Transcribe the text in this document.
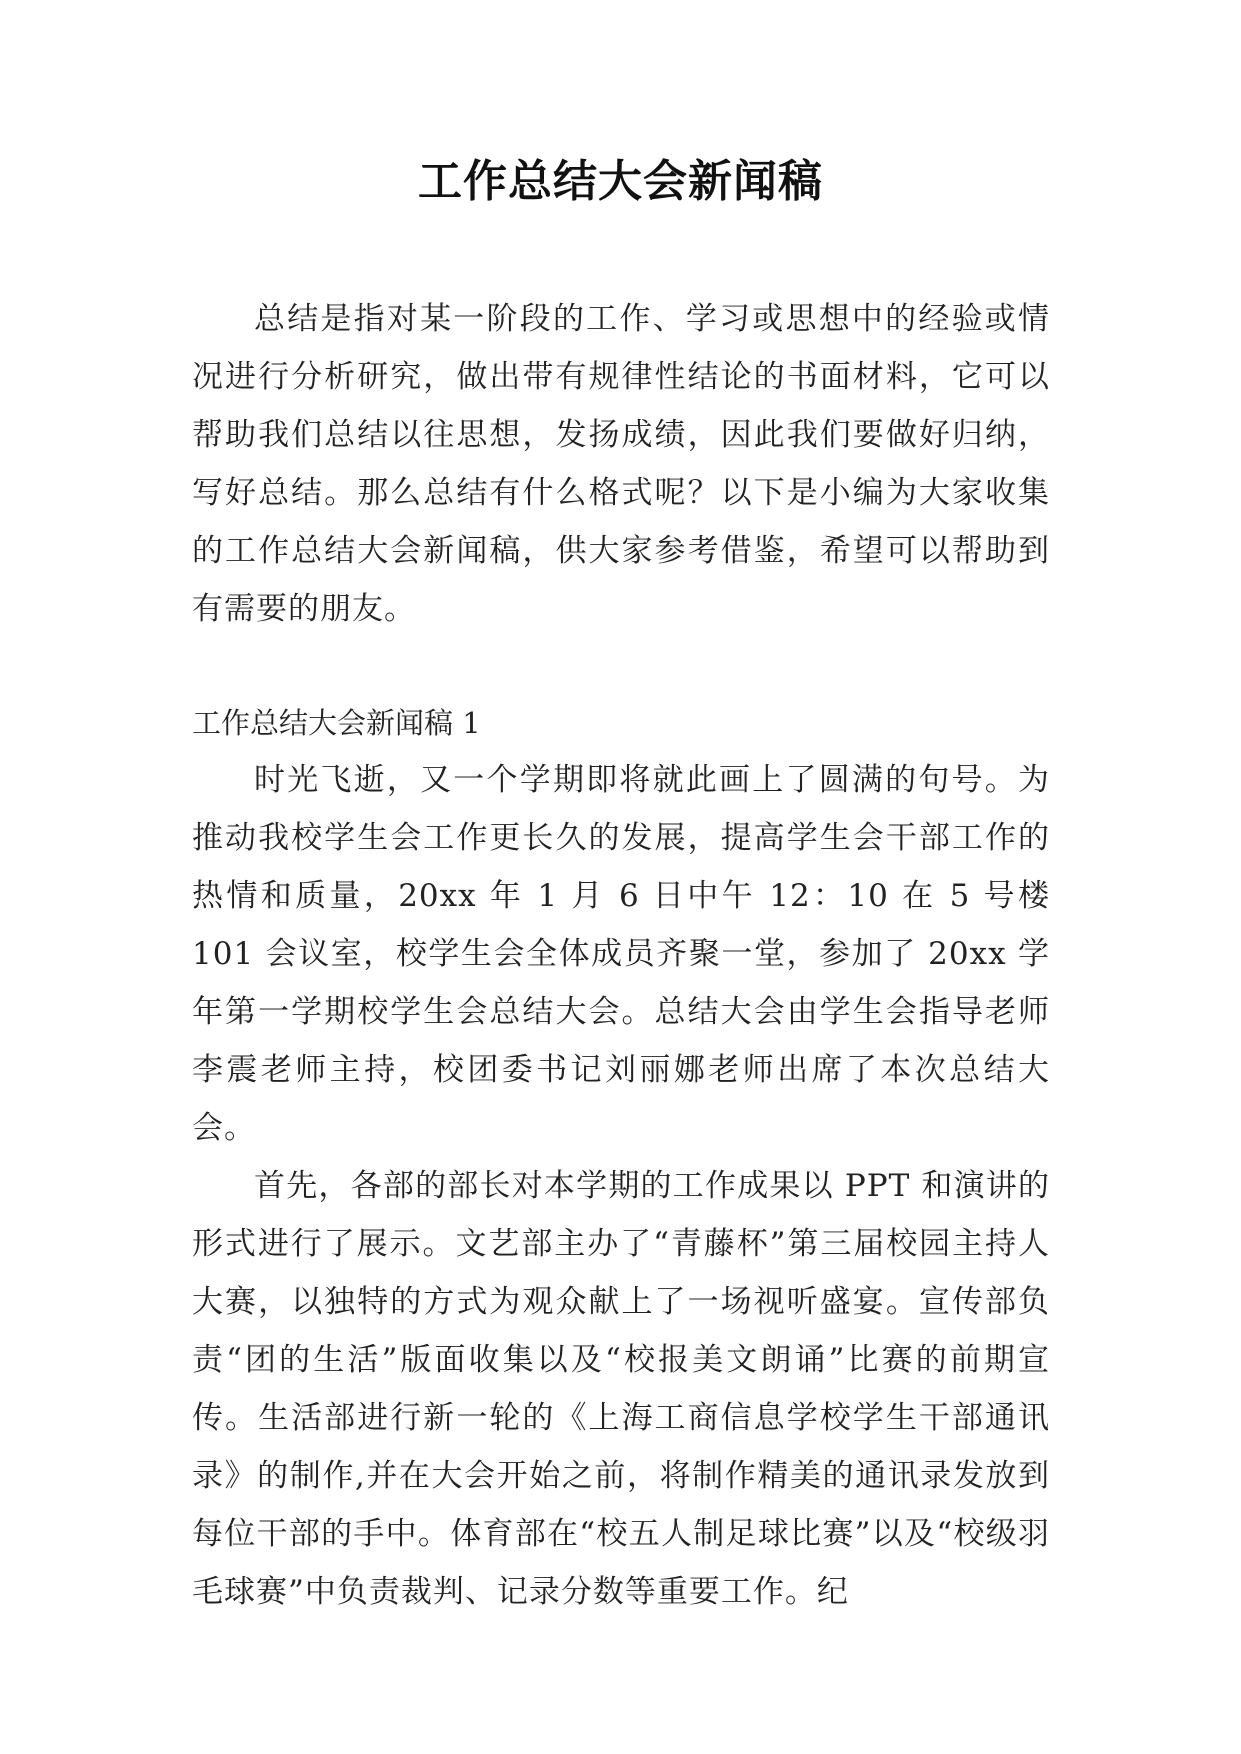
工作总结大会新闻稿

总结是指对某一阶段的工作、学习或思想中的经验或情况进行分析研究，做出带有规律性结论的书面材料，它可以帮助我们总结以往思想，发扬成绩，因此我们要做好归纳，写好总结。那么总结有什么格式呢？以下是小编为大家收集的工作总结大会新闻稿，供大家参考借鉴，希望可以帮助到有需要的朋友。

工作总结大会新闻稿 1

时光飞逝，又一个学期即将就此画上了圆满的句号。为推动我校学生会工作更长久的发展，提高学生会干部工作的热情和质量，20xx 年 1 月 6 日中午 12：10 在 5 号楼 101 会议室，校学生会全体成员齐聚一堂，参加了 20xx 学年第一学期校学生会总结大会。总结大会由学生会指导老师李震老师主持，校团委书记刘丽娜老师出席了本次总结大会。

首先，各部的部长对本学期的工作成果以 PPT 和演讲的形式进行了展示。文艺部主办了“青藤杯”第三届校园主持人大赛，以独特的方式为观众献上了一场视听盛宴。宣传部负责“团的生活”版面收集以及“校报美文朗诵”比赛的前期宣传。生活部进行新一轮的《上海工商信息学校学生干部通讯录》的制作,并在大会开始之前，将制作精美的通讯录发放到每位干部的手中。体育部在“校五人制足球比赛”以及“校级羽毛球赛”中负责裁判、记录分数等重要工作。纪
